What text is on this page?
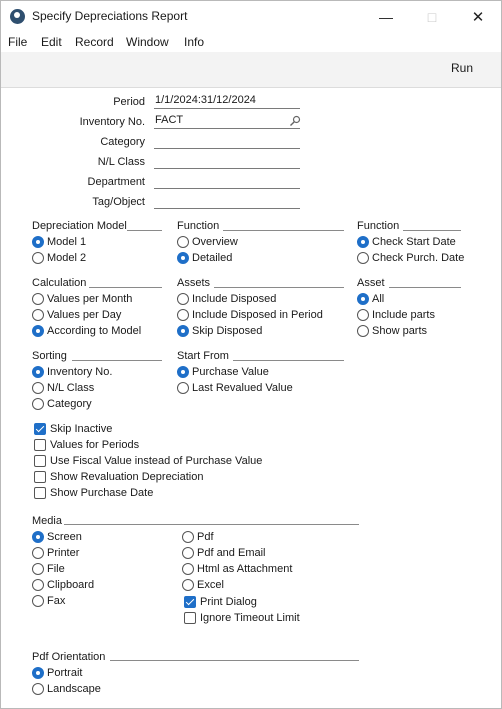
Specify Depreciations Report	—	□	✕
File Edit Record Window Info
Run
Period 1/1/2024:31/12/2024
Inventory No. FACT
Category
N/L Class
Department
Tag/Object
Depreciation Model
Model 1
Model 2
Function
Overview
Detailed
Function
Check Start Date
Check Purch. Date
Calculation
Values per Month
Values per Day
According to Model
Assets
Include Disposed
Include Disposed in Period
Skip Disposed
Asset
All
Include parts
Show parts
Sorting
Inventory No.
N/L Class
Category
Start From
Purchase Value
Last Revalued Value
Skip Inactive
Values for Periods
Use Fiscal Value instead of Purchase Value
Show Revaluation Depreciation
Show Purchase Date
Media
Screen
Printer
File
Clipboard
Fax
Pdf
Pdf and Email
Html as Attachment
Excel
Print Dialog
Ignore Timeout Limit
Pdf Orientation
Portrait
Landscape
